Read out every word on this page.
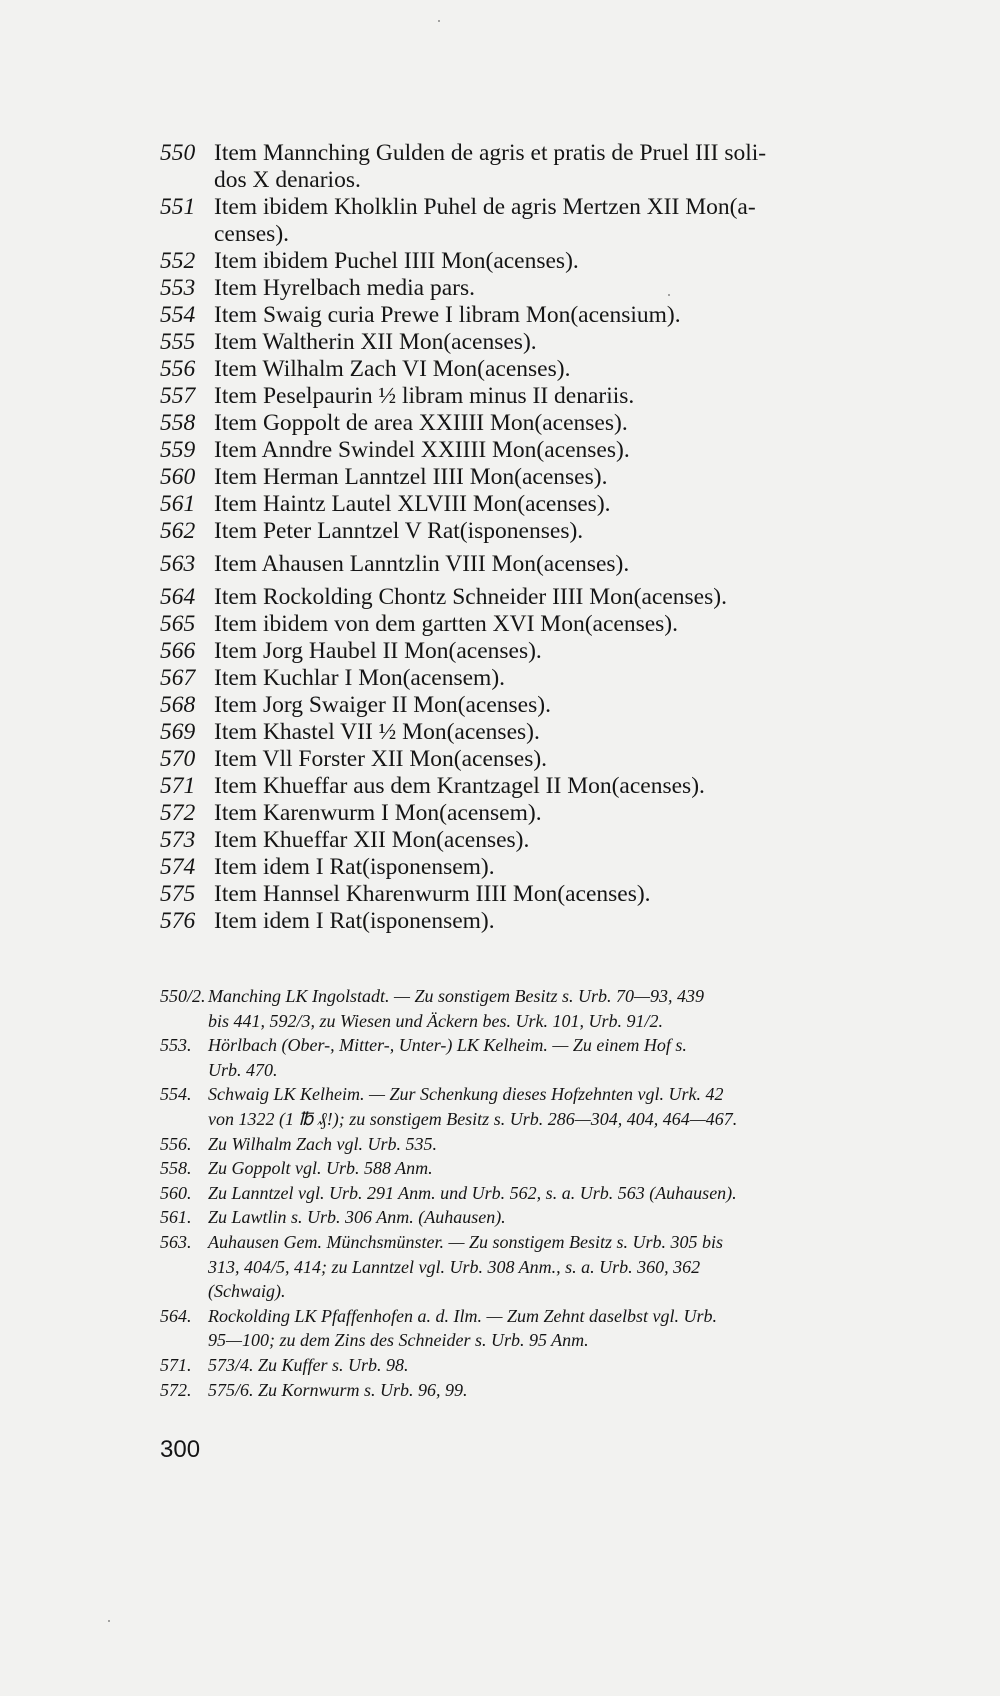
550 Item Mannching Gulden de agris et pratis de Pruel III soli-
dos X denarios.
551 Item ibidem Kholklin Puhel de agris Mertzen XII Mon(a-
censes).
552 Item ibidem Puchel IIII Mon(acenses).
553 Item Hyrelbach media pars.
554 Item Swaig curia Prewe I libram Mon(acensium).
555 Item Waltherin XII Mon(acenses).
556 Item Wilhalm Zach VI Mon(acenses).
557 Item Peselpaurin ½ libram minus II denariis.
558 Item Goppolt de area XXIIII Mon(acenses).
559 Item Anndre Swindel XXIIII Mon(acenses).
560 Item Herman Lanntzel IIII Mon(acenses).
561 Item Haintz Lautel XLVIII Mon(acenses).
562 Item Peter Lanntzel V Rat(isponenses).
563 Item Ahausen Lanntzlin VIII Mon(acenses).
564 Item Rockolding Chontz Schneider IIII Mon(acenses).
565 Item ibidem von dem gartten XVI Mon(acenses).
566 Item Jorg Haubel II Mon(acenses).
567 Item Kuchlar I Mon(acensem).
568 Item Jorg Swaiger II Mon(acenses).
569 Item Khastel VII ½ Mon(acenses).
570 Item Vll Forster XII Mon(acenses).
571 Item Khueffar aus dem Krantzagel II Mon(acenses).
572 Item Karenwurm I Mon(acensem).
573 Item Khueffar XII Mon(acenses).
574 Item idem I Rat(isponensem).
575 Item Hannsel Kharenwurm IIII Mon(acenses).
576 Item idem I Rat(isponensem).
550/2. Manching LK Ingolstadt. — Zu sonstigem Besitz s. Urb. 70—93, 439
bis 441, 592/3, zu Wiesen und Äckern bes. Urk. 101, Urb. 91/2.
553. Hörlbach (Ober-, Mitter-, Unter-) LK Kelheim. — Zu einem Hof s.
Urb. 470.
554. Schwaig LK Kelheim. — Zur Schenkung dieses Hofzehnten vgl. Urk. 42
von 1322 (1 ℔ ₰!); zu sonstigem Besitz s. Urb. 286—304, 404, 464—467.
556. Zu Wilhalm Zach vgl. Urb. 535.
558. Zu Goppolt vgl. Urb. 588 Anm.
560. Zu Lanntzel vgl. Urb. 291 Anm. und Urb. 562, s. a. Urb. 563 (Auhausen).
561. Zu Lawtlin s. Urb. 306 Anm. (Auhausen).
563. Auhausen Gem. Münchsmünster. — Zu sonstigem Besitz s. Urb. 305 bis
313, 404/5, 414; zu Lanntzel vgl. Urb. 308 Anm., s. a. Urb. 360, 362
(Schwaig).
564. Rockolding LK Pfaffenhofen a. d. Ilm. — Zum Zehnt daselbst vgl. Urb.
95—100; zu dem Zins des Schneider s. Urb. 95 Anm.
571. 573/4. Zu Kuffer s. Urb. 98.
572. 575/6. Zu Kornwurm s. Urb. 96, 99.
300
